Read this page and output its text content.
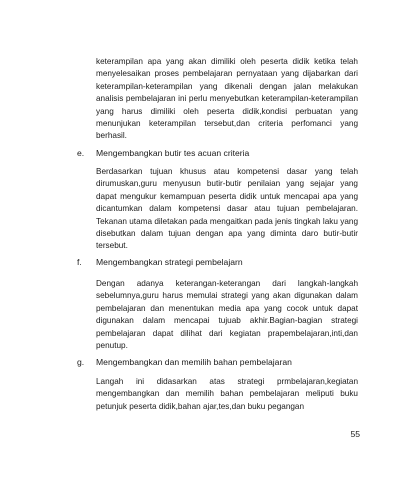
keterampilan apa yang akan dimiliki oleh peserta didik ketika telah menyelesaikan proses pembelajaran pernyataan yang dijabarkan dari keterampilan-keterampilan yang dikenali dengan jalan melakukan analisis pembelajaran ini perlu menyebutkan keterampilan-keterampilan yang harus dimiliki oleh peserta didik,kondisi perbuatan yang menunjukan keterampilan tersebut,dan criteria perfomanci yang berhasil.

e. Mengembangkan butir tes acuan criteria

Berdasarkan tujuan khusus atau kompetensi dasar yang telah dirumuskan,guru menyusun butir-butir penilaian yang sejajar yang dapat mengukur kemampuan peserta didik untuk mencapai apa yang dicantumkan dalam kompetensi dasar atau tujuan pembelajaran. Tekanan utama diletakan pada mengaitkan pada jenis tingkah laku yang disebutkan dalam tujuan dengan apa yang diminta daro butir-butir tersebut.

f. Mengembangkan strategi pembelajarn

Dengan adanya keterangan-keterangan dari langkah-langkah sebelumnya,guru harus memulai strategi yang akan digunakan dalam pembelajaran dan menentukan media apa yang cocok untuk dapat digunakan dalam mencapai tujuab akhir.Bagian-bagian strategi pembelajaran dapat dilihat dari kegiatan prapembelajaran,inti,dan penutup.

g. Mengembangkan dan memilih bahan pembelajaran

Langah ini didasarkan atas strategi prmbelajaran,kegiatan mengembangkan dan memilih bahan pembelajaran meliputi buku petunjuk peserta didik,bahan ajar,tes,dan buku pegangan

55
